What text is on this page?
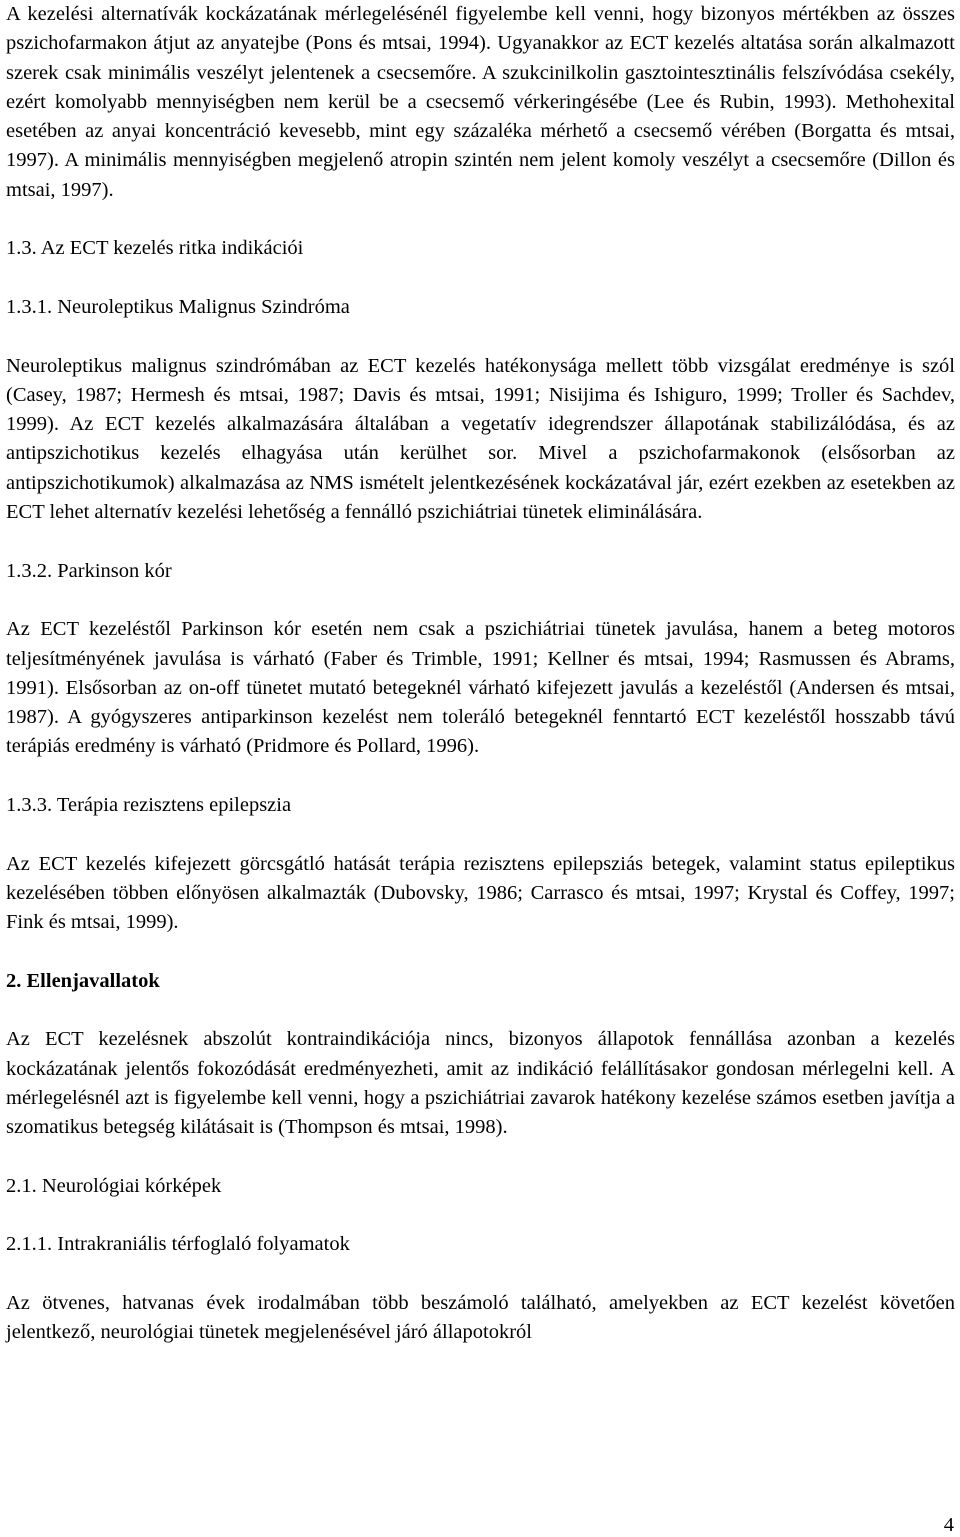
A kezelési alternatívák kockázatának mérlegelésénél figyelembe kell venni, hogy bizonyos mértékben az összes pszichofarmakon átjut az anyatejbe (Pons és mtsai, 1994). Ugyanakkor az ECT kezelés altatása során alkalmazott szerek csak minimális veszélyt jelentenek a csecsemőre. A szukcinilkolin gasztointesztinális felszívódása csekély, ezért komolyabb mennyiségben nem kerül be a csecsemő vérkeringésébe (Lee és Rubin, 1993). Methohexital esetében az anyai koncentráció kevesebb, mint egy százaléka mérhető a csecsemő vérében (Borgatta és mtsai, 1997). A minimális mennyiségben megjelenő atropin szintén nem jelent komoly veszélyt a csecsemőre (Dillon és mtsai, 1997).

1.3. Az ECT kezelés ritka indikációi

1.3.1. Neuroleptikus Malignus Szindróma

Neuroleptikus malignus szindrómában az ECT kezelés hatékonysága mellett több vizsgálat eredménye is szól (Casey, 1987; Hermesh és mtsai, 1987; Davis és mtsai, 1991; Nisijima és Ishiguro, 1999; Troller és Sachdev, 1999). Az ECT kezelés alkalmazására általában a vegetatív idegrendszer állapotának stabilizálódása, és az antipszichotikus kezelés elhagyása után kerülhet sor. Mivel a pszichofarmakonok (elsősorban az antipszichotikumok) alkalmazása az NMS ismételt jelentkezésének kockázatával jár, ezért ezekben az esetekben az ECT lehet alternatív kezelési lehetőség a fennálló pszichiátriai tünetek eliminálására.

1.3.2. Parkinson kór

Az ECT kezeléstől Parkinson kór esetén nem csak a pszichiátriai tünetek javulása, hanem a beteg motoros teljesítményének javulása is várható (Faber és Trimble, 1991; Kellner és mtsai, 1994; Rasmussen és Abrams, 1991). Elsősorban az on-off tünetet mutató betegeknél várható kifejezett javulás a kezeléstől (Andersen és mtsai, 1987). A gyógyszeres antiparkinson kezelést nem toleráló betegeknél fenntartó ECT kezeléstől hosszabb távú terápiás eredmény is várható (Pridmore és Pollard, 1996).

1.3.3. Terápia rezisztens epilepszia

Az ECT kezelés kifejezett görcsgátló hatását terápia rezisztens epilepsziás betegek, valamint status epileptikus kezelésében többen előnyösen alkalmazták (Dubovsky, 1986; Carrasco és mtsai, 1997; Krystal és Coffey, 1997; Fink és mtsai, 1999).

2. Ellenjavallatok

Az ECT kezelésnek abszolút kontraindikációja nincs, bizonyos állapotok fennállása azonban a kezelés kockázatának jelentős fokozódását eredményezheti, amit az indikáció felállításakor gondosan mérlegelni kell. A mérlegelésnél azt is figyelembe kell venni, hogy a pszichiátriai zavarok hatékony kezelése számos esetben javítja a szomatikus betegség kilátásait is (Thompson és mtsai, 1998).

2.1. Neurológiai kórképek

2.1.1. Intrakraniális térfoglaló folyamatok

Az ötvenes, hatvanas évek irodalmában több beszámoló található, amelyekben az ECT kezelést követően jelentkező, neurológiai tünetek megjelenésével járó állapotokról

4
